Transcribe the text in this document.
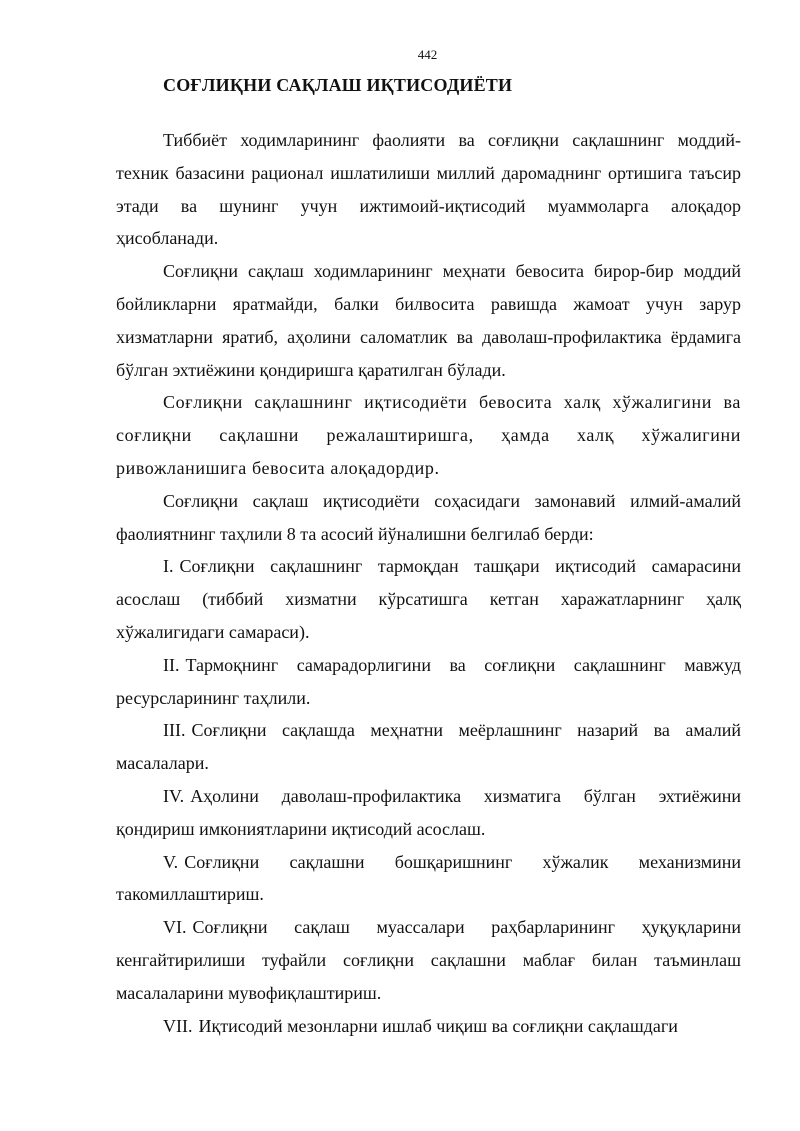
442
СОҒЛИҚНИ САҚЛАШ ИҚТИСОДИЁТИ

Тиббиёт ходимларининг фаолияти ва соғлиқни сақлашнинг моддий-техник базасини рационал ишлатилиши миллий даромаднинг ортишига таъсир этади ва шунинг учун ижтимоий-иқтисодий муаммоларга алоқадор ҳисобланади.

Соғлиқни сақлаш ходимларининг меҳнати бевосита бирор-бир моддий бойликларни яратмайди, балки билвосита равишда жамоат учун зарур хизматларни яратиб, аҳолини саломатлик ва даволаш-профилактика ёрдамига бўлган эхтиёжини қондиришга қаратилган бўлади.

Соғлиқни сақлашнинг иқтисодиёти бевосита халқ хўжалигини ва соғлиқни сақлашни режалаштиришга, ҳамда халқ хўжалигини ривожланишига бевосита алоқадордир.

Соғлиқни сақлаш иқтисодиёти соҳасидаги замонавий илмий-амалий фаолиятнинг таҳлили 8 та асосий йўналишни белгилаб берди:

I. Соғлиқни сақлашнинг тармоқдан ташқари иқтисодий самарасини асослаш (тиббий хизматни кўрсатишга кетган харажатларнинг ҳалқ хўжалигидаги самараси).

II. Тармоқнинг самарадорлигини ва соғлиқни сақлашнинг мавжуд ресурсларининг таҳлили.

III. Соғлиқни сақлашда меҳнатни меёрлашнинг назарий ва амалий масалалари.

IV. Аҳолини даволаш-профилактика хизматига бўлган эхтиёжини қондириш имкониятларини иқтисодий асослаш.

V. Соғлиқни сақлашни бошқаришнинг хўжалик механизмини такомиллаштириш.

VI. Соғлиқни сақлаш муассалари раҳбарларининг ҳуқуқларини кенгайтирилиши туфайли соғлиқни сақлашни маблағ билан таъминлаш масалаларини мувофиқлаштириш.

VII. Иқтисодий мезонларни ишлаб чиқиш ва соғлиқни сақлашдаги
